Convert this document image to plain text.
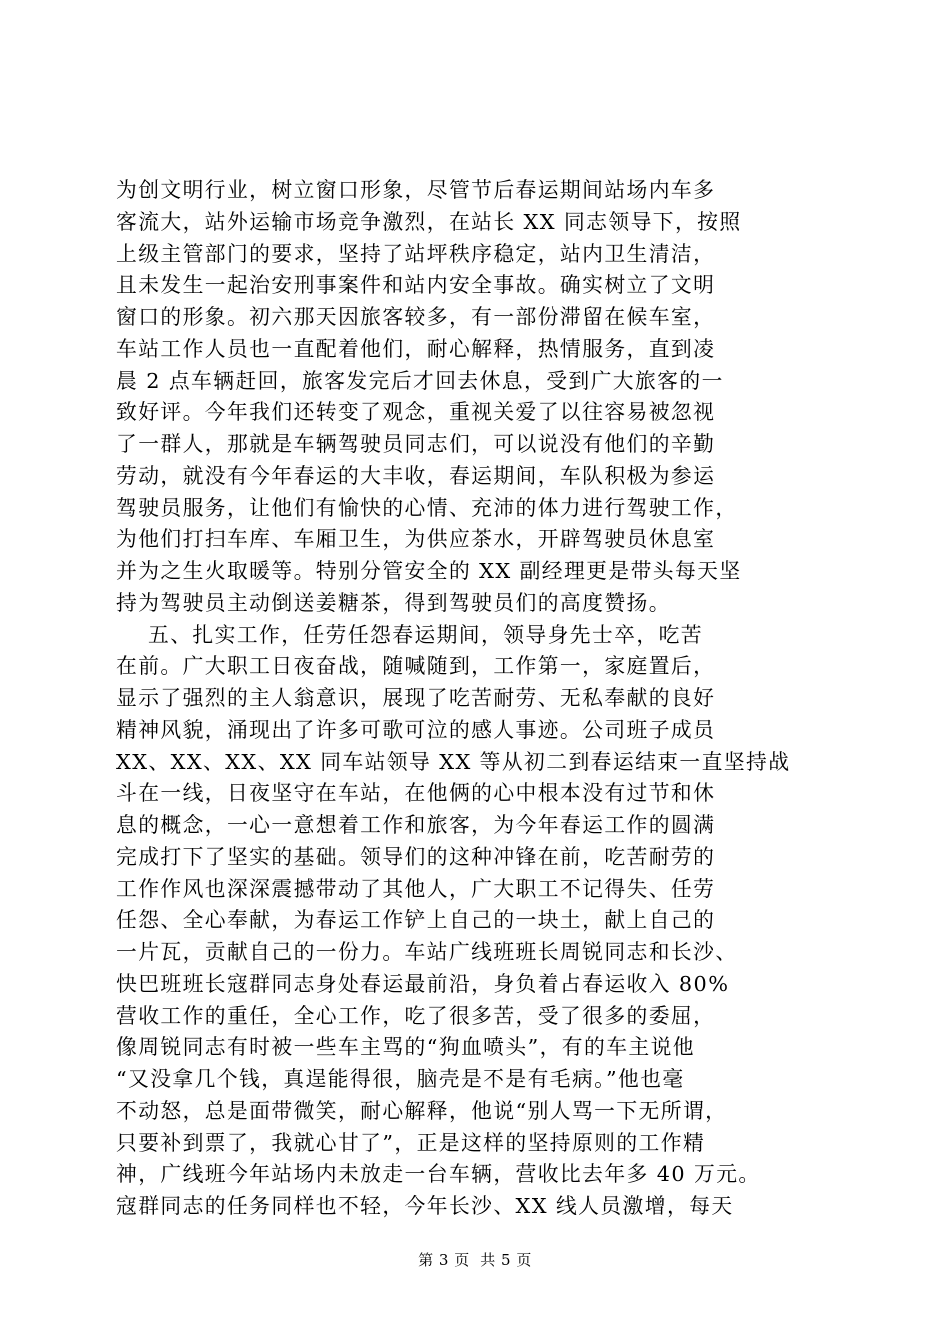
为创文明行业，树立窗口形象，尽管节后春运期间站场内车多
客流大，站外运输市场竞争激烈，在站长 XX 同志领导下，按照
上级主管部门的要求，坚持了站坪秩序稳定，站内卫生清洁，
且未发生一起治安刑事案件和站内安全事故。确实树立了文明
窗口的形象。初六那天因旅客较多，有一部份滞留在候车室，
车站工作人员也一直配着他们，耐心解释，热情服务，直到凌
晨 2 点车辆赶回，旅客发完后才回去休息，受到广大旅客的一
致好评。今年我们还转变了观念，重视关爱了以往容易被忽视
了一群人，那就是车辆驾驶员同志们，可以说没有他们的辛勤
劳动，就没有今年春运的大丰收，春运期间，车队积极为参运
驾驶员服务，让他们有愉快的心情、充沛的体力进行驾驶工作，
为他们打扫车库、车厢卫生，为供应茶水，开辟驾驶员休息室
并为之生火取暖等。特别分管安全的 XX 副经理更是带头每天坚
持为驾驶员主动倒送姜糖茶，得到驾驶员们的高度赞扬。
五、扎实工作，任劳任怨春运期间，领导身先士卒，吃苦
在前。广大职工日夜奋战，随喊随到，工作第一，家庭置后，
显示了强烈的主人翁意识，展现了吃苦耐劳、无私奉献的良好
精神风貌，涌现出了许多可歌可泣的感人事迹。公司班子成员
XX、XX、XX、XX 同车站领导 XX 等从初二到春运结束一直坚持战
斗在一线，日夜坚守在车站，在他俩的心中根本没有过节和休
息的概念，一心一意想着工作和旅客，为今年春运工作的圆满
完成打下了坚实的基础。领导们的这种冲锋在前，吃苦耐劳的
工作作风也深深震撼带动了其他人，广大职工不记得失、任劳
任怨、全心奉献，为春运工作铲上自己的一块土，献上自己的
一片瓦，贡献自己的一份力。车站广线班班长周锐同志和长沙、
快巴班班长寇群同志身处春运最前沿，身负着占春运收入 80%
营收工作的重任，全心工作，吃了很多苦，受了很多的委屈，
像周锐同志有时被一些车主骂的“狗血喷头”，有的车主说他
“又没拿几个钱，真逞能得很，脑壳是不是有毛病。”他也毫
不动怒，总是面带微笑，耐心解释，他说“别人骂一下无所谓，
只要补到票了，我就心甘了”，正是这样的坚持原则的工作精
神，广线班今年站场内未放走一台车辆，营收比去年多 40 万元。
寇群同志的任务同样也不轻，今年长沙、XX 线人员激增，每天
第 3 页  共 5 页
